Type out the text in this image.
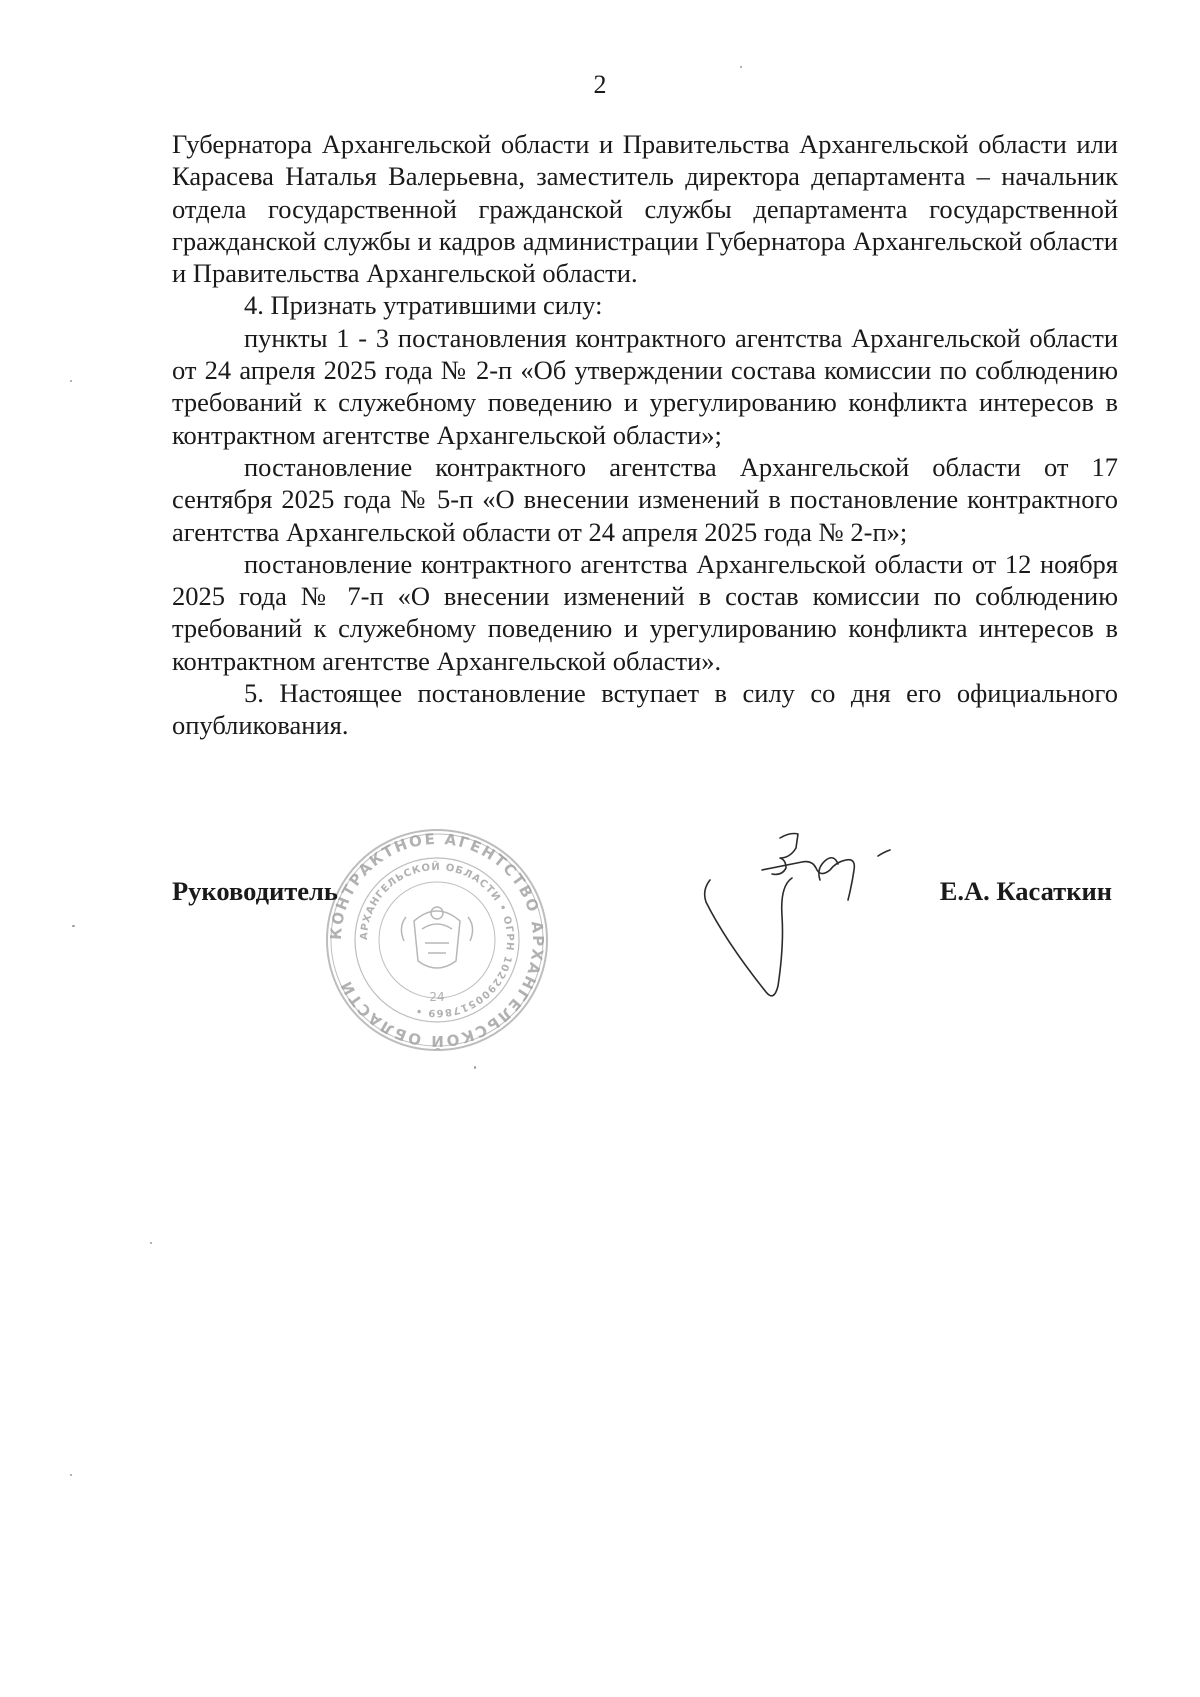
2

Губернатора Архангельской области и Правительства Архангельской области или Карасева Наталья Валерьевна, заместитель директора департамента – начальник отдела государственной гражданской службы департамента государственной гражданской службы и кадров администрации Губернатора Архангельской области и Правительства Архангельской области.

4. Признать утратившими силу:

пункты 1 - 3 постановления контрактного агентства Архангельской области от 24 апреля 2025 года № 2-п «Об утверждении состава комиссии по соблюдению требований к служебному поведению и урегулированию конфликта интересов в контрактном агентстве Архангельской области»;

постановление контрактного агентства Архангельской области от 17 сентября 2025 года № 5-п «О внесении изменений в постановление контрактного агентства Архангельской области от 24 апреля 2025 года № 2-п»;

постановление контрактного агентства Архангельской области от 12 ноября 2025 года № 7-п «О внесении изменений в состав комиссии по соблюдению требований к служебному поведению и урегулированию конфликта интересов в контрактном агентстве Архангельской области».

5. Настоящее постановление вступает в силу со дня его официального опубликования.

КОНТРАКТНОЕ АГЕНТСТВО АРХАНГЕЛЬСКОЙ ОБЛАСТИ
АРХАНГЕЛЬСКОЙ ОБЛАСТИ • ОГРН 1022900517869 •
24
Руководитель	Е.А. Касаткин
